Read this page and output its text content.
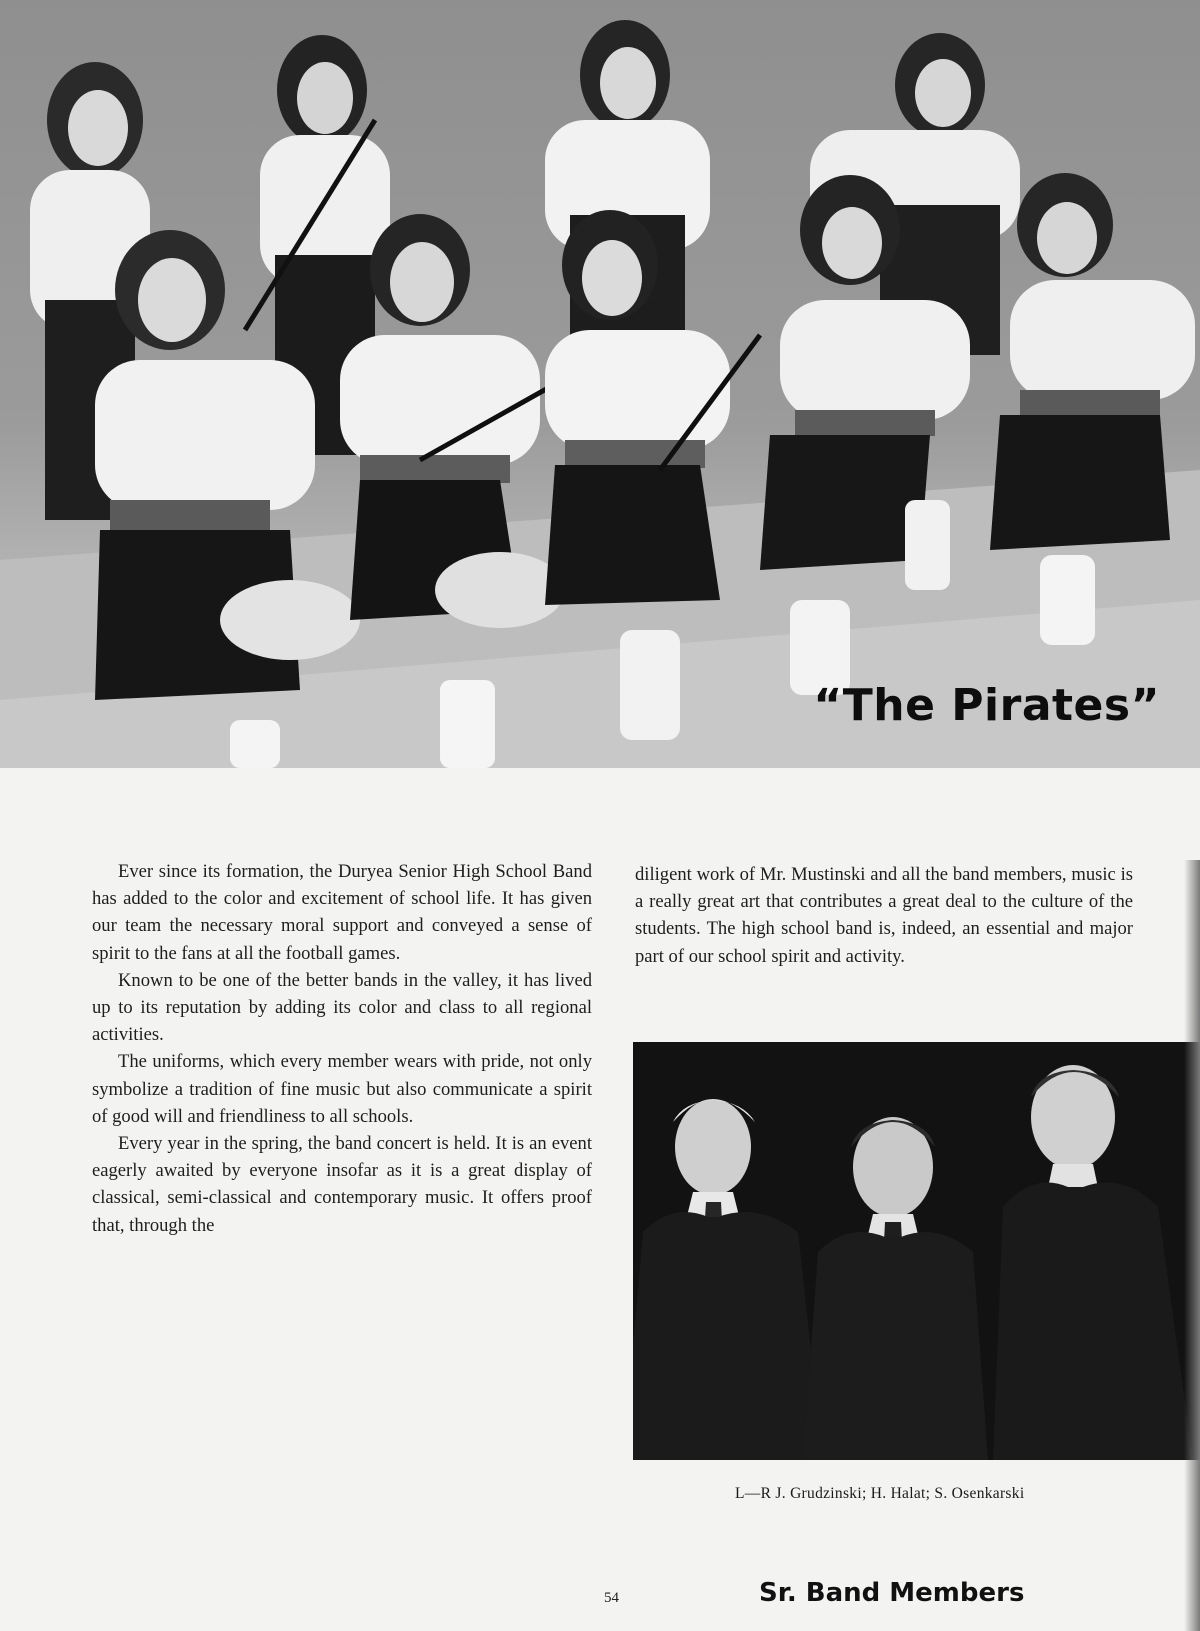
“The Pirates”

Ever since its formation, the Duryea Senior High School Band has added to the color and excitement of school life. It has given our team the necessary moral support and conveyed a sense of spirit to the fans at all the football games.

Known to be one of the better bands in the valley, it has lived up to its reputation by adding its color and class to all regional activities.

The uniforms, which every member wears with pride, not only symbolize a tradition of fine music but also communicate a spirit of good will and friendliness to all schools.

Every year in the spring, the band concert is held. It is an event eagerly awaited by everyone insofar as it is a great display of classical, semi-classical and contemporary music. It offers proof that, through the

diligent work of Mr. Mustinski and all the band members, music is a really great art that contributes a great deal to the culture of the students. The high school band is, indeed, an essential and major part of our school spirit and activity.

L—R J. Grudzinski; H. Halat; S. Osenkarski
54	Sr. Band Members
